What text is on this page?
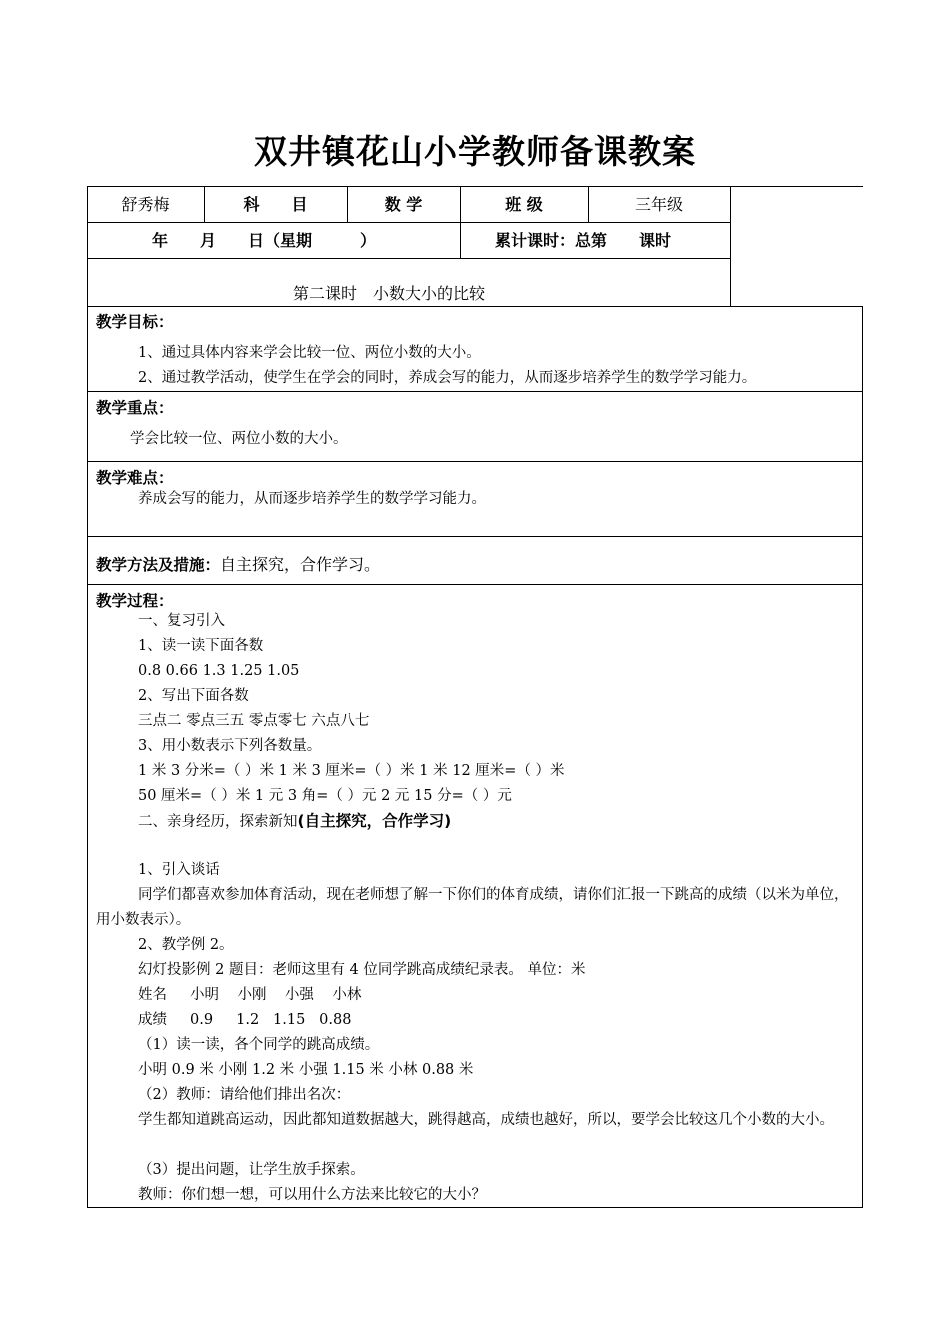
双井镇花山小学教师备课教案
舒秀梅	科　　目	数 学	班 级	三年级
年　　月　　日（星期　　　）	累计课时：总第　　课时
第二课时　小数大小的比较
教学目标：
1、通过具体内容来学会比较一位、两位小数的大小。
2、通过教学活动，使学生在学会的同时，养成会写的能力，从而逐步培养学生的数学学习能力。
教学重点：
学会比较一位、两位小数的大小。
教学难点：
养成会写的能力，从而逐步培养学生的数学学习能力。
教学方法及措施：自主探究，合作学习。
教学过程：
一、复习引入
1、读一读下面各数
0.8 0.66 1.3 1.25 1.05
2、写出下面各数
三点二 零点三五 零点零七 六点八七
3、用小数表示下列各数量。
1 米 3 分米=（ ）米 1 米 3 厘米=（ ）米 1 米 12 厘米=（ ）米
50 厘米=（ ）米 1 元 3 角=（ ）元 2 元 15 分=（ ）元
二、亲身经历，探索新知(自主探究，合作学习)
1、引入谈话
同学们都喜欢参加体育活动，现在老师想了解一下你们的体育成绩，请你们汇报一下跳高的成绩（以米为单位，用小数表示）。
2、教学例 2。
幻灯投影例 2 题目：老师这里有 4 位同学跳高成绩纪录表。 单位：米
姓名     小明    小刚    小强    小林
成绩     0.9     1.2   1.15   0.88
（1）读一读，各个同学的跳高成绩。
小明 0.9 米 小刚 1.2 米 小强 1.15 米 小林 0.88 米
（2）教师：请给他们排出名次：
学生都知道跳高运动，因此都知道数据越大，跳得越高，成绩也越好，所以，要学会比较这几个小数的大小。
（3）提出问题，让学生放手探索。
教师：你们想一想，可以用什么方法来比较它的大小？
